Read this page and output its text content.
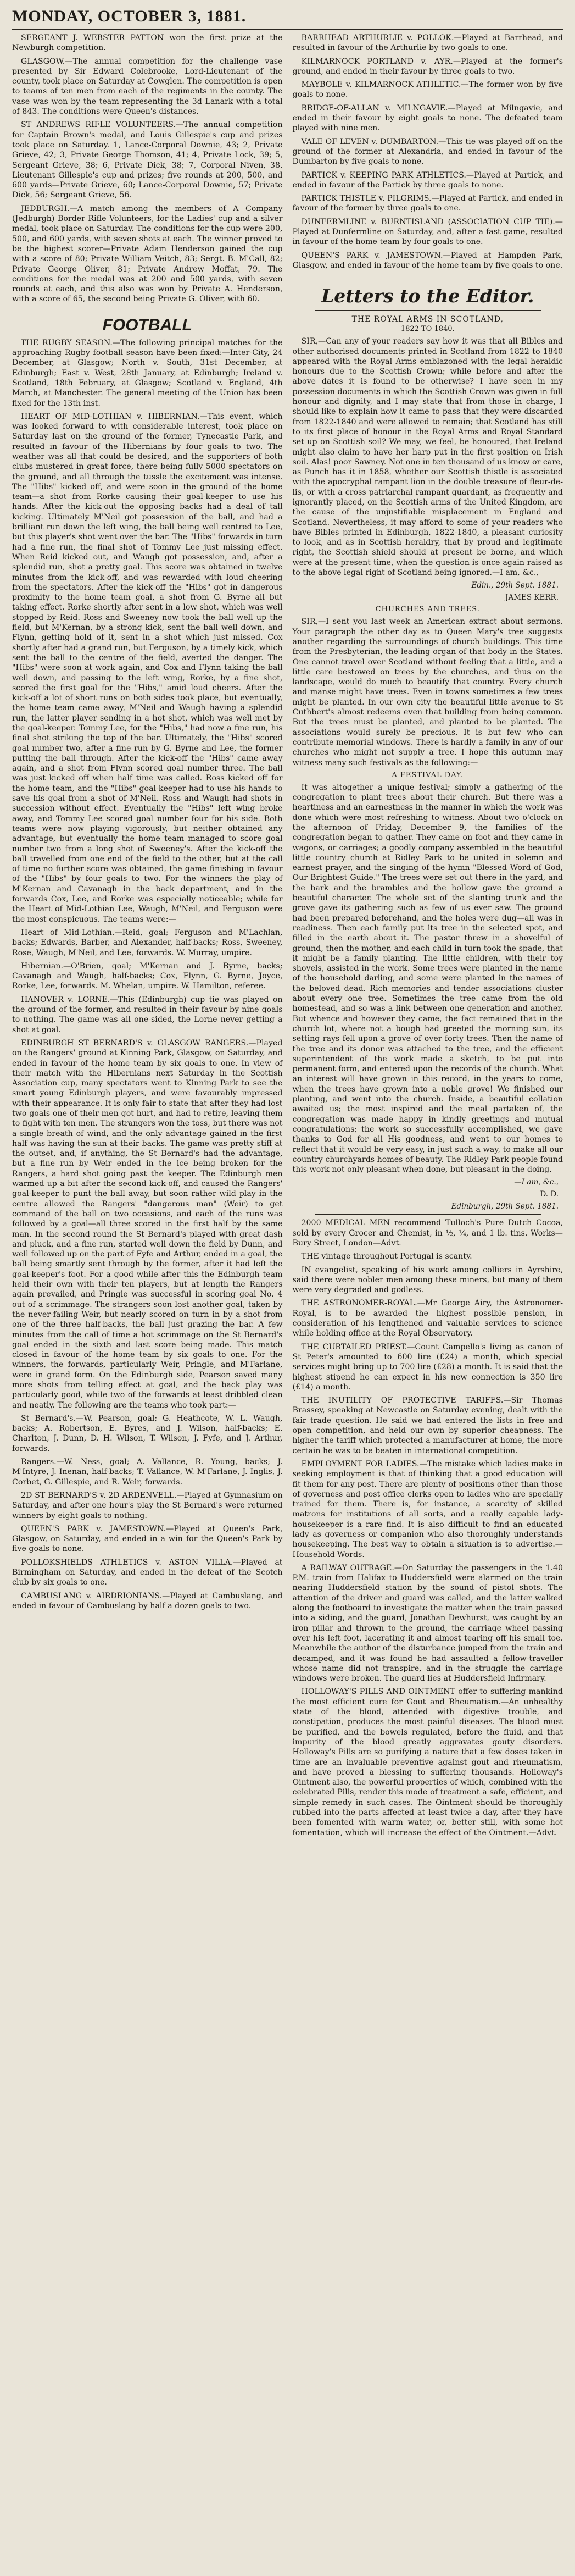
MONDAY, OCTOBER 3, 1881.

SERGEANT J. WEBSTER PATTON won the first prize at the Newburgh competition.

GLASGOW.—The annual competition for the challenge vase presented by Sir Edward Colebrooke, Lord-Lieutenant of the county, took place on Saturday at Cowglen. The competition is open to teams of ten men from each of the regiments in the county. The vase was won by the team representing the 3d Lanark with a total of 843. The conditions were Queen's distances.

ST ANDREWS RIFLE VOLUNTEERS.—The annual competition for Captain Brown's medal, and Louis Gillespie's cup and prizes took place on Saturday. 1, Lance-Corporal Downie, 43; 2, Private Grieve, 42; 3, Private George Thomson, 41; 4, Private Lock, 39; 5, Sergeant Grieve, 38; 6, Private Dick, 38; 7, Corporal Niven, 38. Lieutenant Gillespie's cup and prizes; five rounds at 200, 500, and 600 yards—Private Grieve, 60; Lance-Corporal Downie, 57; Private Dick, 56; Sergeant Grieve, 56.

JEDBURGH.—A match among the members of A Company (Jedburgh) Border Rifle Volunteers, for the Ladies' cup and a silver medal, took place on Saturday. The conditions for the cup were 200, 500, and 600 yards, with seven shots at each. The winner proved to be the highest scorer—Private Adam Henderson gained the cup with a score of 80; Private William Veitch, 83; Sergt. B. M'Call, 82; Private George Oliver, 81; Private Andrew Moffat, 79. The conditions for the medal was at 200 and 500 yards, with seven rounds at each, and this also was won by Private A. Henderson, with a score of 65, the second being Private G. Oliver, with 60.

FOOTBALL

THE RUGBY SEASON.—The following principal matches for the approaching Rugby football season have been fixed:—Inter-City, 24 December, at Glasgow; North v. South, 31st December, at Edinburgh; East v. West, 28th January, at Edinburgh; Ireland v. Scotland, 18th February, at Glasgow; Scotland v. England, 4th March, at Manchester. The general meeting of the Union has been fixed for the 13th inst.

HEART OF MID-LOTHIAN v. HIBERNIAN.—This event, which was looked forward to with considerable interest, took place on Saturday last on the ground of the former, Tynecastle Park, and resulted in favour of the Hibernians by four goals to two. The weather was all that could be desired, and the supporters of both clubs mustered in great force, there being fully 5000 spectators on the ground, and all through the tussle the excitement was intense. The "Hibs" kicked off, and were soon in the ground of the home team—a shot from Rorke causing their goal-keeper to use his hands. After the kick-out the opposing backs had a deal of tall kicking. Ultimately M'Neil got possession of the ball, and had a brilliant run down the left wing, the ball being well centred to Lee, but this player's shot went over the bar. The "Hibs" forwards in turn had a fine run, the final shot of Tommy Lee just missing effect. When Reid kicked out, and Waugh got possession, and, after a splendid run, shot a pretty goal. This score was obtained in twelve minutes from the kick-off, and was rewarded with loud cheering from the spectators. After the kick-off the "Hibs" got in dangerous proximity to the home team goal, a shot from G. Byrne all but taking effect. Rorke shortly after sent in a low shot, which was well stopped by Reid. Ross and Sweeney now took the ball well up the field, but M'Kernan, by a strong kick, sent the ball well down, and Flynn, getting hold of it, sent in a shot which just missed. Cox shortly after had a grand run, but Ferguson, by a timely kick, which sent the ball to the centre of the field, averted the danger. The "Hibs" were soon at work again, and Cox and Flynn taking the ball well down, and passing to the left wing, Rorke, by a fine shot, scored the first goal for the "Hibs," amid loud cheers. After the kick-off a lot of short runs on both sides took place, but eventually, the home team came away, M'Neil and Waugh having a splendid run, the latter player sending in a hot shot, which was well met by the goal-keeper. Tommy Lee, for the "Hibs," had now a fine run, his final shot striking the top of the bar. Ultimately, the "Hibs" scored goal number two, after a fine run by G. Byrne and Lee, the former putting the ball through. After the kick-off the "Hibs" came away again, and a shot from Flynn scored goal number three. The ball was just kicked off when half time was called. Ross kicked off for the home team, and the "Hibs" goal-keeper had to use his hands to save his goal from a shot of M'Neil. Ross and Waugh had shots in succession without effect. Eventually the "Hibs" left wing broke away, and Tommy Lee scored goal number four for his side. Both teams were now playing vigorously, but neither obtained any advantage, but eventually the home team managed to score goal number two from a long shot of Sweeney's. After the kick-off the ball travelled from one end of the field to the other, but at the call of time no further score was obtained, the game finishing in favour of the "Hibs" by four goals to two. For the winners the play of M'Kernan and Cavanagh in the back department, and in the forwards Cox, Lee, and Rorke was especially noticeable; while for the Heart of Mid-Lothian Lee, Waugh, M'Neil, and Ferguson were the most conspicuous. The teams were:—

Heart of Mid-Lothian.—Reid, goal; Ferguson and M'Lachlan, backs; Edwards, Barber, and Alexander, half-backs; Ross, Sweeney, Rose, Waugh, M'Neil, and Lee, forwards. W. Murray, umpire.

Hibernian.—O'Brien, goal; M'Kernan and J. Byrne, backs; Cavanagh and Waugh, half-backs; Cox, Flynn, G. Byrne, Joyce, Rorke, Lee, forwards. M. Whelan, umpire. W. Hamilton, referee.

HANOVER v. LORNE.—This (Edinburgh) cup tie was played on the ground of the former, and resulted in their favour by nine goals to nothing. The game was all one-sided, the Lorne never getting a shot at goal.

EDINBURGH ST BERNARD'S v. GLASGOW RANGERS.—Played on the Rangers' ground at Kinning Park, Glasgow, on Saturday, and ended in favour of the home team by six goals to one. In view of their match with the Hibernians next Saturday in the Scottish Association cup, many spectators went to Kinning Park to see the smart young Edinburgh players, and were favourably impressed with their appearance. It is only fair to state that after they had lost two goals one of their men got hurt, and had to retire, leaving them to fight with ten men. The strangers won the toss, but there was not a single breath of wind, and the only advantage gained in the first half was having the sun at their backs. The game was pretty stiff at the outset, and, if anything, the St Bernard's had the advantage, but a fine run by Weir ended in the ice being broken for the Rangers, a hard shot going past the keeper. The Edinburgh men warmed up a bit after the second kick-off, and caused the Rangers' goal-keeper to punt the ball away, but soon rather wild play in the centre allowed the Rangers' "dangerous man" (Weir) to get command of the ball on two occasions, and each of the runs was followed by a goal—all three scored in the first half by the same man. In the second round the St Bernard's played with great dash and pluck, and a fine run, started well down the field by Dunn, and well followed up on the part of Fyfe and Arthur, ended in a goal, the ball being smartly sent through by the former, after it had left the goal-keeper's foot. For a good while after this the Edinburgh team held their own with their ten players, but at length the Rangers again prevailed, and Pringle was successful in scoring goal No. 4 out of a scrimmage. The strangers soon lost another goal, taken by the never-failing Weir, but nearly scored on turn in by a shot from one of the three half-backs, the ball just grazing the bar. A few minutes from the call of time a hot scrimmage on the St Bernard's goal ended in the sixth and last score being made. This match closed in favour of the home team by six goals to one. For the winners, the forwards, particularly Weir, Pringle, and M'Farlane, were in grand form. On the Edinburgh side, Pearson saved many more shots from telling effect at goal, and the back play was particularly good, while two of the forwards at least dribbled clean and neatly. The following are the teams who took part:—

St Bernard's.—W. Pearson, goal; G. Heathcote, W. L. Waugh, backs; A. Robertson, E. Byres, and J. Wilson, half-backs; E. Charlton, J. Dunn, D. H. Wilson, T. Wilson, J. Fyfe, and J. Arthur, forwards.

Rangers.—W. Ness, goal; A. Vallance, R. Young, backs; J. M'Intyre, J. Inenan, half-backs; T. Vallance, W. M'Farlane, J. Inglis, J. Corbet, G. Gillespie, and R. Weir, forwards.

2D ST BERNARD'S v. 2D ARDENVELL.—Played at Gymnasium on Saturday, and after one hour's play the St Bernard's were returned winners by eight goals to nothing.

QUEEN'S PARK v. JAMESTOWN.—Played at Queen's Park, Glasgow, on Saturday, and ended in a win for the Queen's Park by five goals to none.

POLLOKSHIELDS ATHLETICS v. ASTON VILLA.—Played at Birmingham on Saturday, and ended in the defeat of the Scotch club by six goals to one.

CAMBUSLANG v. AIRDRIONIANS.—Played at Cambuslang, and ended in favour of Cambuslang by half a dozen goals to two.

BARRHEAD ARTHURLIE v. POLLOK.—Played at Barrhead, and resulted in favour of the Arthurlie by two goals to one.

KILMARNOCK PORTLAND v. AYR.—Played at the former's ground, and ended in their favour by three goals to two.

MAYBOLE v. KILMARNOCK ATHLETIC.—The former won by five goals to none.

BRIDGE-OF-ALLAN v. MILNGAVIE.—Played at Milngavie, and ended in their favour by eight goals to none. The defeated team played with nine men.

VALE OF LEVEN v. DUMBARTON.—This tie was played off on the ground of the former at Alexandria, and ended in favour of the Dumbarton by five goals to none.

PARTICK v. KEEPING PARK ATHLETICS.—Played at Partick, and ended in favour of the Partick by three goals to none.

PARTICK THISTLE v. PILGRIMS.—Played at Partick, and ended in favour of the former by three goals to one.

DUNFERMLINE v. BURNTISLAND (ASSOCIATION CUP TIE).—Played at Dunfermline on Saturday, and, after a fast game, resulted in favour of the home team by four goals to one.

QUEEN'S PARK v. JAMESTOWN.—Played at Hampden Park, Glasgow, and ended in favour of the home team by five goals to one.

Letters to the Editor.
THE ROYAL ARMS IN SCOTLAND,
1822 TO 1840.

SIR,—Can any of your readers say how it was that all Bibles and other authorised documents printed in Scotland from 1822 to 1840 appeared with the Royal Arms emblazoned with the legal heraldic honours due to the Scottish Crown; while before and after the above dates it is found to be otherwise? I have seen in my possession documents in which the Scottish Crown was given in full honour and dignity, and I may state that from those in charge, I should like to explain how it came to pass that they were discarded from 1822-1840 and were allowed to remain; that Scotland has still to its first place of honour in the Royal Arms and Royal Standard set up on Scottish soil? We may, we feel, be honoured, that Ireland might also claim to have her harp put in the first position on Irish soil. Alas! poor Sawney. Not one in ten thousand of us know or care, as Punch has it in 1858, whether our Scottish thistle is associated with the apocryphal rampant lion in the double treasure of fleur-de-lis, or with a cross patriarchal rampant guardant, as frequently and ignorantly placed, on the Scottish arms of the United Kingdom, are the cause of the unjustifiable misplacement in England and Scotland. Nevertheless, it may afford to some of your readers who have Bibles printed in Edinburgh, 1822-1840, a pleasant curiosity to look, and as in Scottish heraldry, that by proud and legitimate right, the Scottish shield should at present be borne, and which were at the present time, when the question is once again raised as to the above legal right of Scotland being ignored.—I am, &c.,

Edin., 29th Sept. 1881.
JAMES KERR.
CHURCHES AND TREES.

SIR,—I sent you last week an American extract about sermons. Your paragraph the other day as to Queen Mary's tree suggests another regarding the surroundings of church buildings. This time from the Presbyterian, the leading organ of that body in the States. One cannot travel over Scotland without feeling that a little, and a little care bestowed on trees by the churches, and thus on the landscape, would do much to beautify that country. Every church and manse might have trees. Even in towns sometimes a few trees might be planted. In our own city the beautiful little avenue to St Cuthbert's almost redeems even that building from being common. But the trees must be planted, and planted to be planted. The associations would surely be precious. It is but few who can contribute memorial windows. There is hardly a family in any of our churches who might not supply a tree. I hope this autumn may witness many such festivals as the following:—

A FESTIVAL DAY.

It was altogether a unique festival; simply a gathering of the congregation to plant trees about their church. But there was a heartiness and an earnestness in the manner in which the work was done which were most refreshing to witness. About two o'clock on the afternoon of Friday, December 9, the families of the congregation began to gather. They came on foot and they came in wagons, or carriages; a goodly company assembled in the beautiful little country church at Ridley Park to be united in solemn and earnest prayer, and the singing of the hymn "Blessed Word of God, Our Brightest Guide." The trees were set out there in the yard, and the bark and the brambles and the hollow gave the ground a beautiful character. The whole set of the slanting trunk and the grove gave its gathering such as few of us ever saw. The ground had been prepared beforehand, and the holes were dug—all was in readiness. Then each family put its tree in the selected spot, and filled in the earth about it. The pastor threw in a shovelful of ground, then the mother, and each child in turn took the spade, that it might be a family planting. The little children, with their toy shovels, assisted in the work. Some trees were planted in the name of the household darling, and some were planted in the names of the beloved dead. Rich memories and tender associations cluster about every one tree. Sometimes the tree came from the old homestead, and so was a link between one generation and another. But whence and however they came, the fact remained that in the church lot, where not a bough had greeted the morning sun, its setting rays fell upon a grove of over forty trees. Then the name of the tree and its donor was attached to the tree, and the efficient superintendent of the work made a sketch, to be put into permanent form, and entered upon the records of the church. What an interest will have grown in this record, in the years to come, when the trees have grown into a noble grove! We finished our planting, and went into the church. Inside, a beautiful collation awaited us; the most inspired and the meal partaken of, the congregation was made happy in kindly greetings and mutual congratulations; the work so successfully accomplished, we gave thanks to God for all His goodness, and went to our homes to reflect that it would be very easy, in just such a way, to make all our country churchyards homes of beauty. The Ridley Park people found this work not only pleasant when done, but pleasant in the doing.

—I am, &c.,
D. D.
Edinburgh, 29th Sept. 1881.

2000 MEDICAL MEN recommend Tulloch's Pure Dutch Cocoa, sold by every Grocer and Chemist, in ½, ¼, and 1 lb. tins. Works—Bury Street, London—Advt.

THE vintage throughout Portugal is scanty.

IN evangelist, speaking of his work among colliers in Ayrshire, said there were nobler men among these miners, but many of them were very degraded and godless.

THE ASTRONOMER-ROYAL.—Mr George Airy, the Astronomer-Royal, is to be awarded the highest possible pension, in consideration of his lengthened and valuable services to science while holding office at the Royal Observatory.

THE CURTAILED PRIEST.—Count Campello's living as canon of St Peter's amounted to 600 lire (£24) a month, which special services might bring up to 700 lire (£28) a month. It is said that the highest stipend he can expect in his new connection is 350 lire (£14) a month.

THE INUTILITY OF PROTECTIVE TARIFFS.—Sir Thomas Brassey, speaking at Newcastle on Saturday evening, dealt with the fair trade question. He said we had entered the lists in free and open competition, and held our own by superior cheapness. The higher the tariff which protected a manufacturer at home, the more certain he was to be beaten in international competition.

EMPLOYMENT FOR LADIES.—The mistake which ladies make in seeking employment is that of thinking that a good education will fit them for any post. There are plenty of positions other than those of governess and post office clerks open to ladies who are specially trained for them. There is, for instance, a scarcity of skilled matrons for institutions of all sorts, and a really capable lady-housekeeper is a rare find. It is also difficult to find an educated lady as governess or companion who also thoroughly understands housekeeping. The best way to obtain a situation is to advertise.—Household Words.

A RAILWAY OUTRAGE.—On Saturday the passengers in the 1.40 P.M. train from Halifax to Huddersfield were alarmed on the train nearing Huddersfield station by the sound of pistol shots. The attention of the driver and guard was called, and the latter walked along the footboard to investigate the matter when the train passed into a siding, and the guard, Jonathan Dewhurst, was caught by an iron pillar and thrown to the ground, the carriage wheel passing over his left foot, lacerating it and almost tearing off his small toe. Meanwhile the author of the disturbance jumped from the train and decamped, and it was found he had assaulted a fellow-traveller whose name did not transpire, and in the struggle the carriage windows were broken. The guard lies at Huddersfield Infirmary.

HOLLOWAY'S PILLS AND OINTMENT offer to suffering mankind the most efficient cure for Gout and Rheumatism.—An unhealthy state of the blood, attended with digestive trouble, and constipation, produces the most painful diseases. The blood must be purified, and the bowels regulated, before the fluid, and that impurity of the blood greatly aggravates gouty disorders. Holloway's Pills are so purifying a nature that a few doses taken in time are an invaluable preventive against gout and rheumatism, and have proved a blessing to suffering thousands. Holloway's Ointment also, the powerful properties of which, combined with the celebrated Pills, render this mode of treatment a safe, efficient, and simple remedy in such cases. The Ointment should be thoroughly rubbed into the parts affected at least twice a day, after they have been fomented with warm water, or, better still, with some hot fomentation, which will increase the effect of the Ointment.—Advt.
